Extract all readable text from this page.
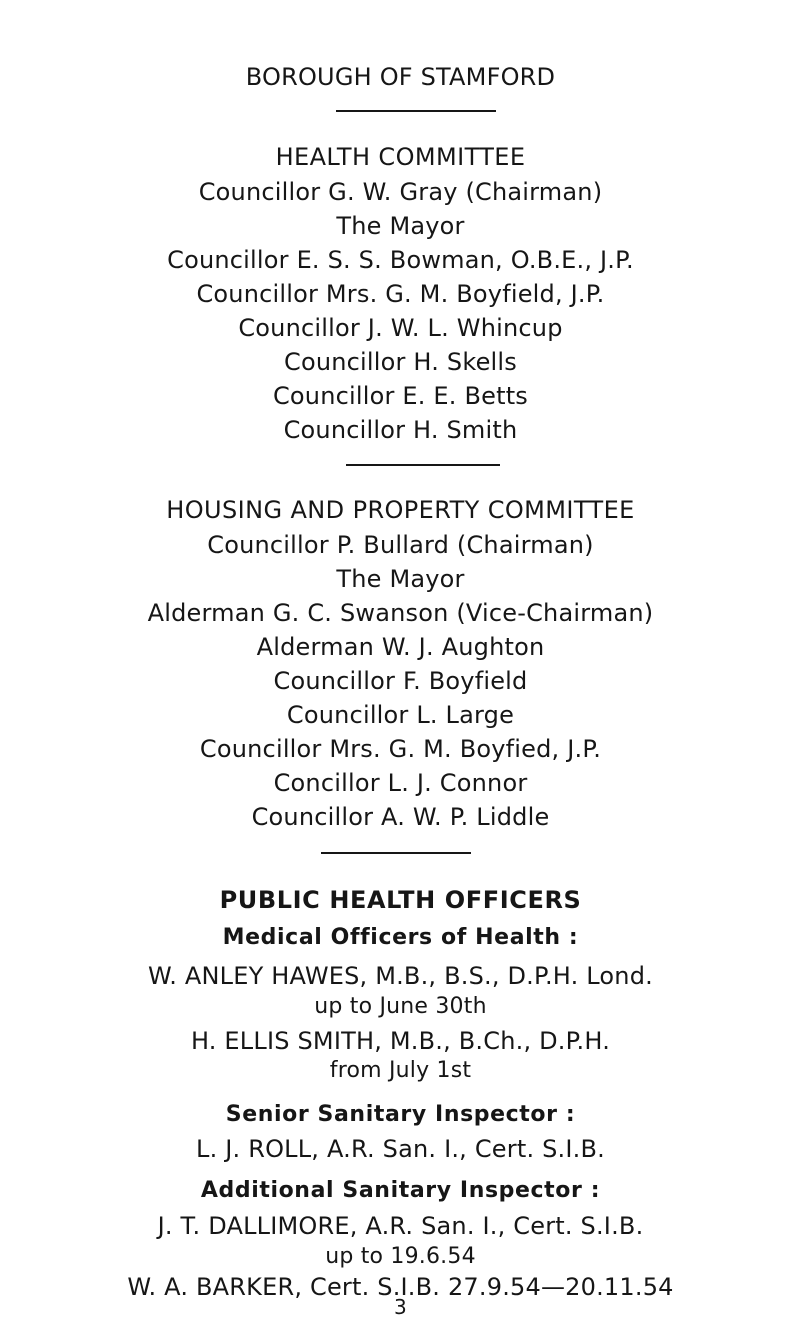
BOROUGH OF STAMFORD
HEALTH COMMITTEE
Councillor G. W. Gray (Chairman)
The Mayor
Councillor E. S. S. Bowman, O.B.E., J.P.
Councillor Mrs. G. M. Boyfield, J.P.
Councillor J. W. L. Whincup
Councillor H. Skells
Councillor E. E. Betts
Councillor H. Smith
HOUSING AND PROPERTY COMMITTEE
Councillor P. Bullard (Chairman)
The Mayor
Alderman G. C. Swanson (Vice-Chairman)
Alderman W. J. Aughton
Councillor F. Boyfield
Councillor L. Large
Councillor Mrs. G. M. Boyfied, J.P.
Concillor L. J. Connor
Councillor A. W. P. Liddle
PUBLIC HEALTH OFFICERS
Medical Officers of Health :
W. ANLEY HAWES, M.B., B.S., D.P.H. Lond.
up to June 30th
H. ELLIS SMITH, M.B., B.Ch., D.P.H.
from July 1st
Senior Sanitary Inspector :
L. J. ROLL, A.R. San. I., Cert. S.I.B.
Additional Sanitary Inspector :
J. T. DALLIMORE, A.R. San. I., Cert. S.I.B.
up to 19.6.54
W. A. BARKER, Cert. S.I.B. 27.9.54—20.11.54
3
